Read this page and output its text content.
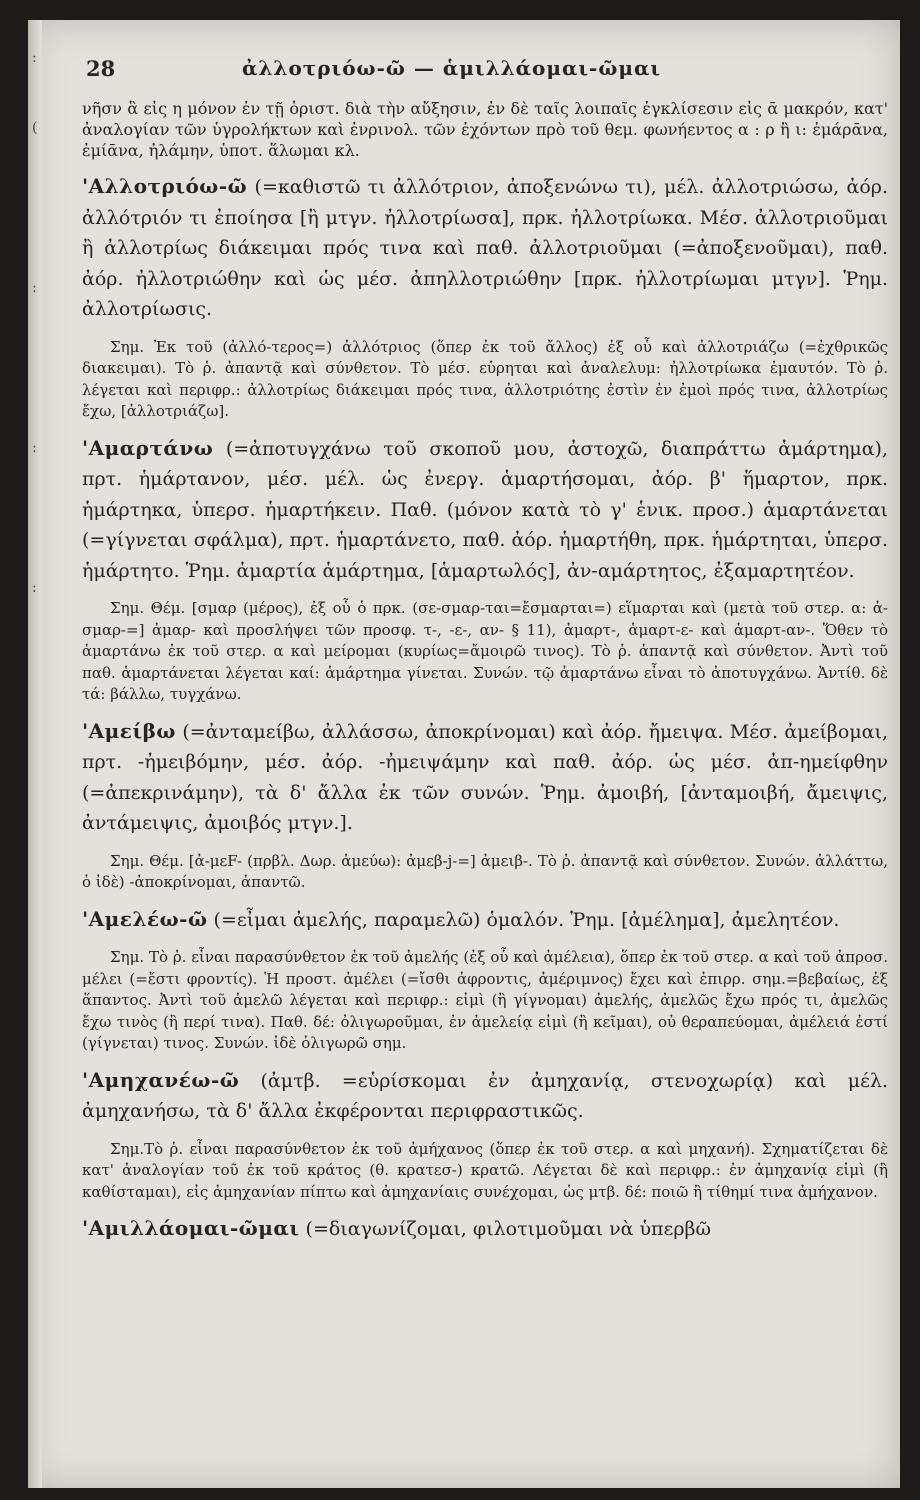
:
(
:
:
:
28	ἀλλοτριόω-ῶ — ἁμιλλάομαι-ῶμαι

νῆσν ἃ εἰς η μόνον ἐν τῇ ὁριστ. διὰ τὴν αὔξησιν, ἐν δὲ ταῖς λοιπαῖς ἐγκλίσεσιν εἰς ᾱ μακρόν, κατ' ἀναλογίαν τῶν ὑγρολήκτων καὶ ἐνρινολ. τῶν ἐχόντων πρὸ τοῦ θεμ. φωνήεντος α : ρ ἢ ι: ἐμάρᾱνα, ἐμίᾱνα, ἠλάμην, ὑποτ. ἅλωμαι κλ.

'Αλλοτριόω-ῶ (=καθιστῶ τι ἀλλότριον, ἀποξενώνω τι), μέλ. ἀλλοτριώσω, ἀόρ. ἀλλότριόν τι ἐποίησα [ἢ μτγν. ἠλλοτρίωσα], πρκ. ἠλλοτρίωκα. Μέσ. ἀλλοτριοῦμαι ἢ ἀλλοτρίως διάκειμαι πρός τινα καὶ παθ. ἀλλοτριοῦμαι (=ἀποξενοῦμαι), παθ. ἀόρ. ἠλλοτριώθην καὶ ὡς μέσ. ἀπηλλοτριώθην [πρκ. ἠλλοτρίωμαι μτγν]. Ῥημ. ἀλλοτρίωσις.

Σημ. Ἐκ τοῦ (ἀλλό-τερος=) ἀλλότριος (ὅπερ ἐκ τοῦ ἄλλος) ἐξ οὗ καὶ ἀλλοτριάζω (=ἐχθρικῶς διακειμαι). Τὸ ῥ. ἀπαντᾷ καὶ σύνθετον. Τὸ μέσ. εὑρηται καὶ ἀναλελυμ: ἠλλοτρίωκα ἐμαυτόν. Τὸ ῥ. λέγεται καὶ περιφρ.: ἀλλοτρίως διάκειμαι πρός τινα, ἀλλοτριότης ἐστὶν ἐν ἐμοὶ πρός τινα, ἀλλοτρίως ἔχω, [ἀλλοτριάζω].

'Αμαρτάνω (=ἀποτυγχάνω τοῦ σκοποῦ μου, ἀστοχῶ, διαπράττω ἁμάρτημα), πρτ. ἡμάρτανον, μέσ. μέλ. ὡς ἐνεργ. ἁμαρτήσομαι, ἀόρ. β' ἥμαρτον, πρκ. ἡμάρτηκα, ὑπερσ. ἡμαρτήκειν. Παθ. (μόνον κατὰ τὸ γ' ἑνικ. προσ.) ἁμαρτάνεται (=γίγνεται σφάλμα), πρτ. ἡμαρτάνετο, παθ. ἀόρ. ἡμαρτήθη, πρκ. ἡμάρτηται, ὑπερσ. ἡμάρτητο. Ῥημ. ἁμαρτία ἁμάρτημα, [ἁμαρτωλός], ἀν-αμάρτητος, ἐξαμαρτητέον.

Σημ. Θέμ. [σμαρ (μέρος), ἐξ οὗ ὁ πρκ. (σε-σμαρ-ται=ἔσμαρται=) εἵμαρται καὶ (μετὰ τοῦ στερ. α: ἀ-σμαρ-=] ἀμαρ- καὶ προσλήψει τῶν προσφ. τ-, -ε-, αν- § 11), ἁμαρτ-, ἁμαρτ-ε- καὶ ἁμαρτ-αν-. Ὅθεν τὸ ἁμαρτάνω ἐκ τοῦ στερ. α καὶ μείρομαι (κυρίως=ἄμοιρῶ τινος). Τὸ ῥ. ἀπαντᾷ καὶ σύνθετον. Ἀντὶ τοῦ παθ. ἁμαρτάνεται λέγεται καί: ἁμάρτημα γίνεται. Συνών. τῷ ἁμαρτάνω εἶναι τὸ ἀποτυγχάνω. Ἀντίθ. δὲ τά: βάλλω, τυγχάνω.

'Αμείβω (=ἀνταμείβω, ἀλλάσσω, ἀποκρίνομαι) καὶ ἀόρ. ἤμειψα. Μέσ. ἀμείβομαι, πρτ. -ἠμειβόμην, μέσ. ἀόρ. -ἠμειψάμην καὶ παθ. ἀόρ. ὡς μέσ. ἀπ-ημείφθην (=ἀπεκρινάμην), τὰ δ' ἄλλα ἐκ τῶν συνών. Ῥημ. ἀμοιβή, [ἀνταμοιβή, ἄμειψις, ἀντάμειψις, ἀμοιβός μτγν.].

Σημ. Θέμ. [ἀ-μεF- (πρβλ. Δωρ. ἀμεύω): ἀμεβ-j-=] ἀμειβ-. Τὸ ῥ. ἀπαντᾷ καὶ σύνθετον. Συνών. ἀλλάττω, ὁ ἰδὲ) -ἀποκρίνομαι, ἀπαντῶ.

'Αμελέω-ῶ (=εἶμαι ἀμελής, παραμελῶ) ὁμαλόν. Ῥημ. [ἀμέλημα], ἀμελητέον.

Σημ. Τὸ ῥ. εἶναι παρασύνθετον ἐκ τοῦ ἀμελής (ἐξ οὗ καὶ ἀμέλεια), ὅπερ ἐκ τοῦ στερ. α καὶ τοῦ ἀπροσ. μέλει (=ἔστι φροντίς). Ἡ προστ. ἀμέλει (=ἴσθι ἀφροντις, ἀμέριμνος) ἔχει καὶ ἐπιρρ. σημ.=βεβαίως, ἐξ ἅπαντος. Ἀντὶ τοῦ ἀμελῶ λέγεται καὶ περιφρ.: εἰμὶ (ἢ γίγνομαι) ἀμελής, ἀμελῶς ἔχω πρός τι, ἀμελῶς ἔχω τινὸς (ἢ περί τινα). Παθ. δέ: ὀλιγωροῦμαι, ἐν ἀμελείᾳ εἰμὶ (ἢ κεῖμαι), οὐ θεραπεύομαι, ἀμέλειά ἐστί (γίγνεται) τινος. Συνών. ἰδὲ ὀλιγωρῶ σημ.

'Αμηχανέω-ῶ (ἀμτβ. =εὑρίσκομαι ἐν ἀμηχανίᾳ, στενοχωρίᾳ) καὶ μέλ. ἀμηχανήσω, τὰ δ' ἄλλα ἐκφέρονται περιφραστικῶς.

Σημ.Τὸ ῥ. εἶναι παρασύνθετον ἐκ τοῦ ἀμήχανος (ὅπερ ἐκ τοῦ στερ. α καὶ μηχανή). Σχηματίζεται δὲ κατ' ἀναλογίαν τοῦ ἐκ τοῦ κράτος (θ. κρατεσ-) κρατῶ. Λέγεται δὲ καὶ περιφρ.: ἐν ἀμηχανίᾳ εἰμὶ (ἢ καθίσταμαι), εἰς ἀμηχανίαν πίπτω καὶ ἀμηχανίαις συνέχομαι, ὡς μτβ. δέ: ποιῶ ἢ τίθημί τινα ἀμήχανον.

'Αμιλλάομαι-ῶμαι (=διαγωνίζομαι, φιλοτιμοῦμαι νὰ ὑπερβῶ
